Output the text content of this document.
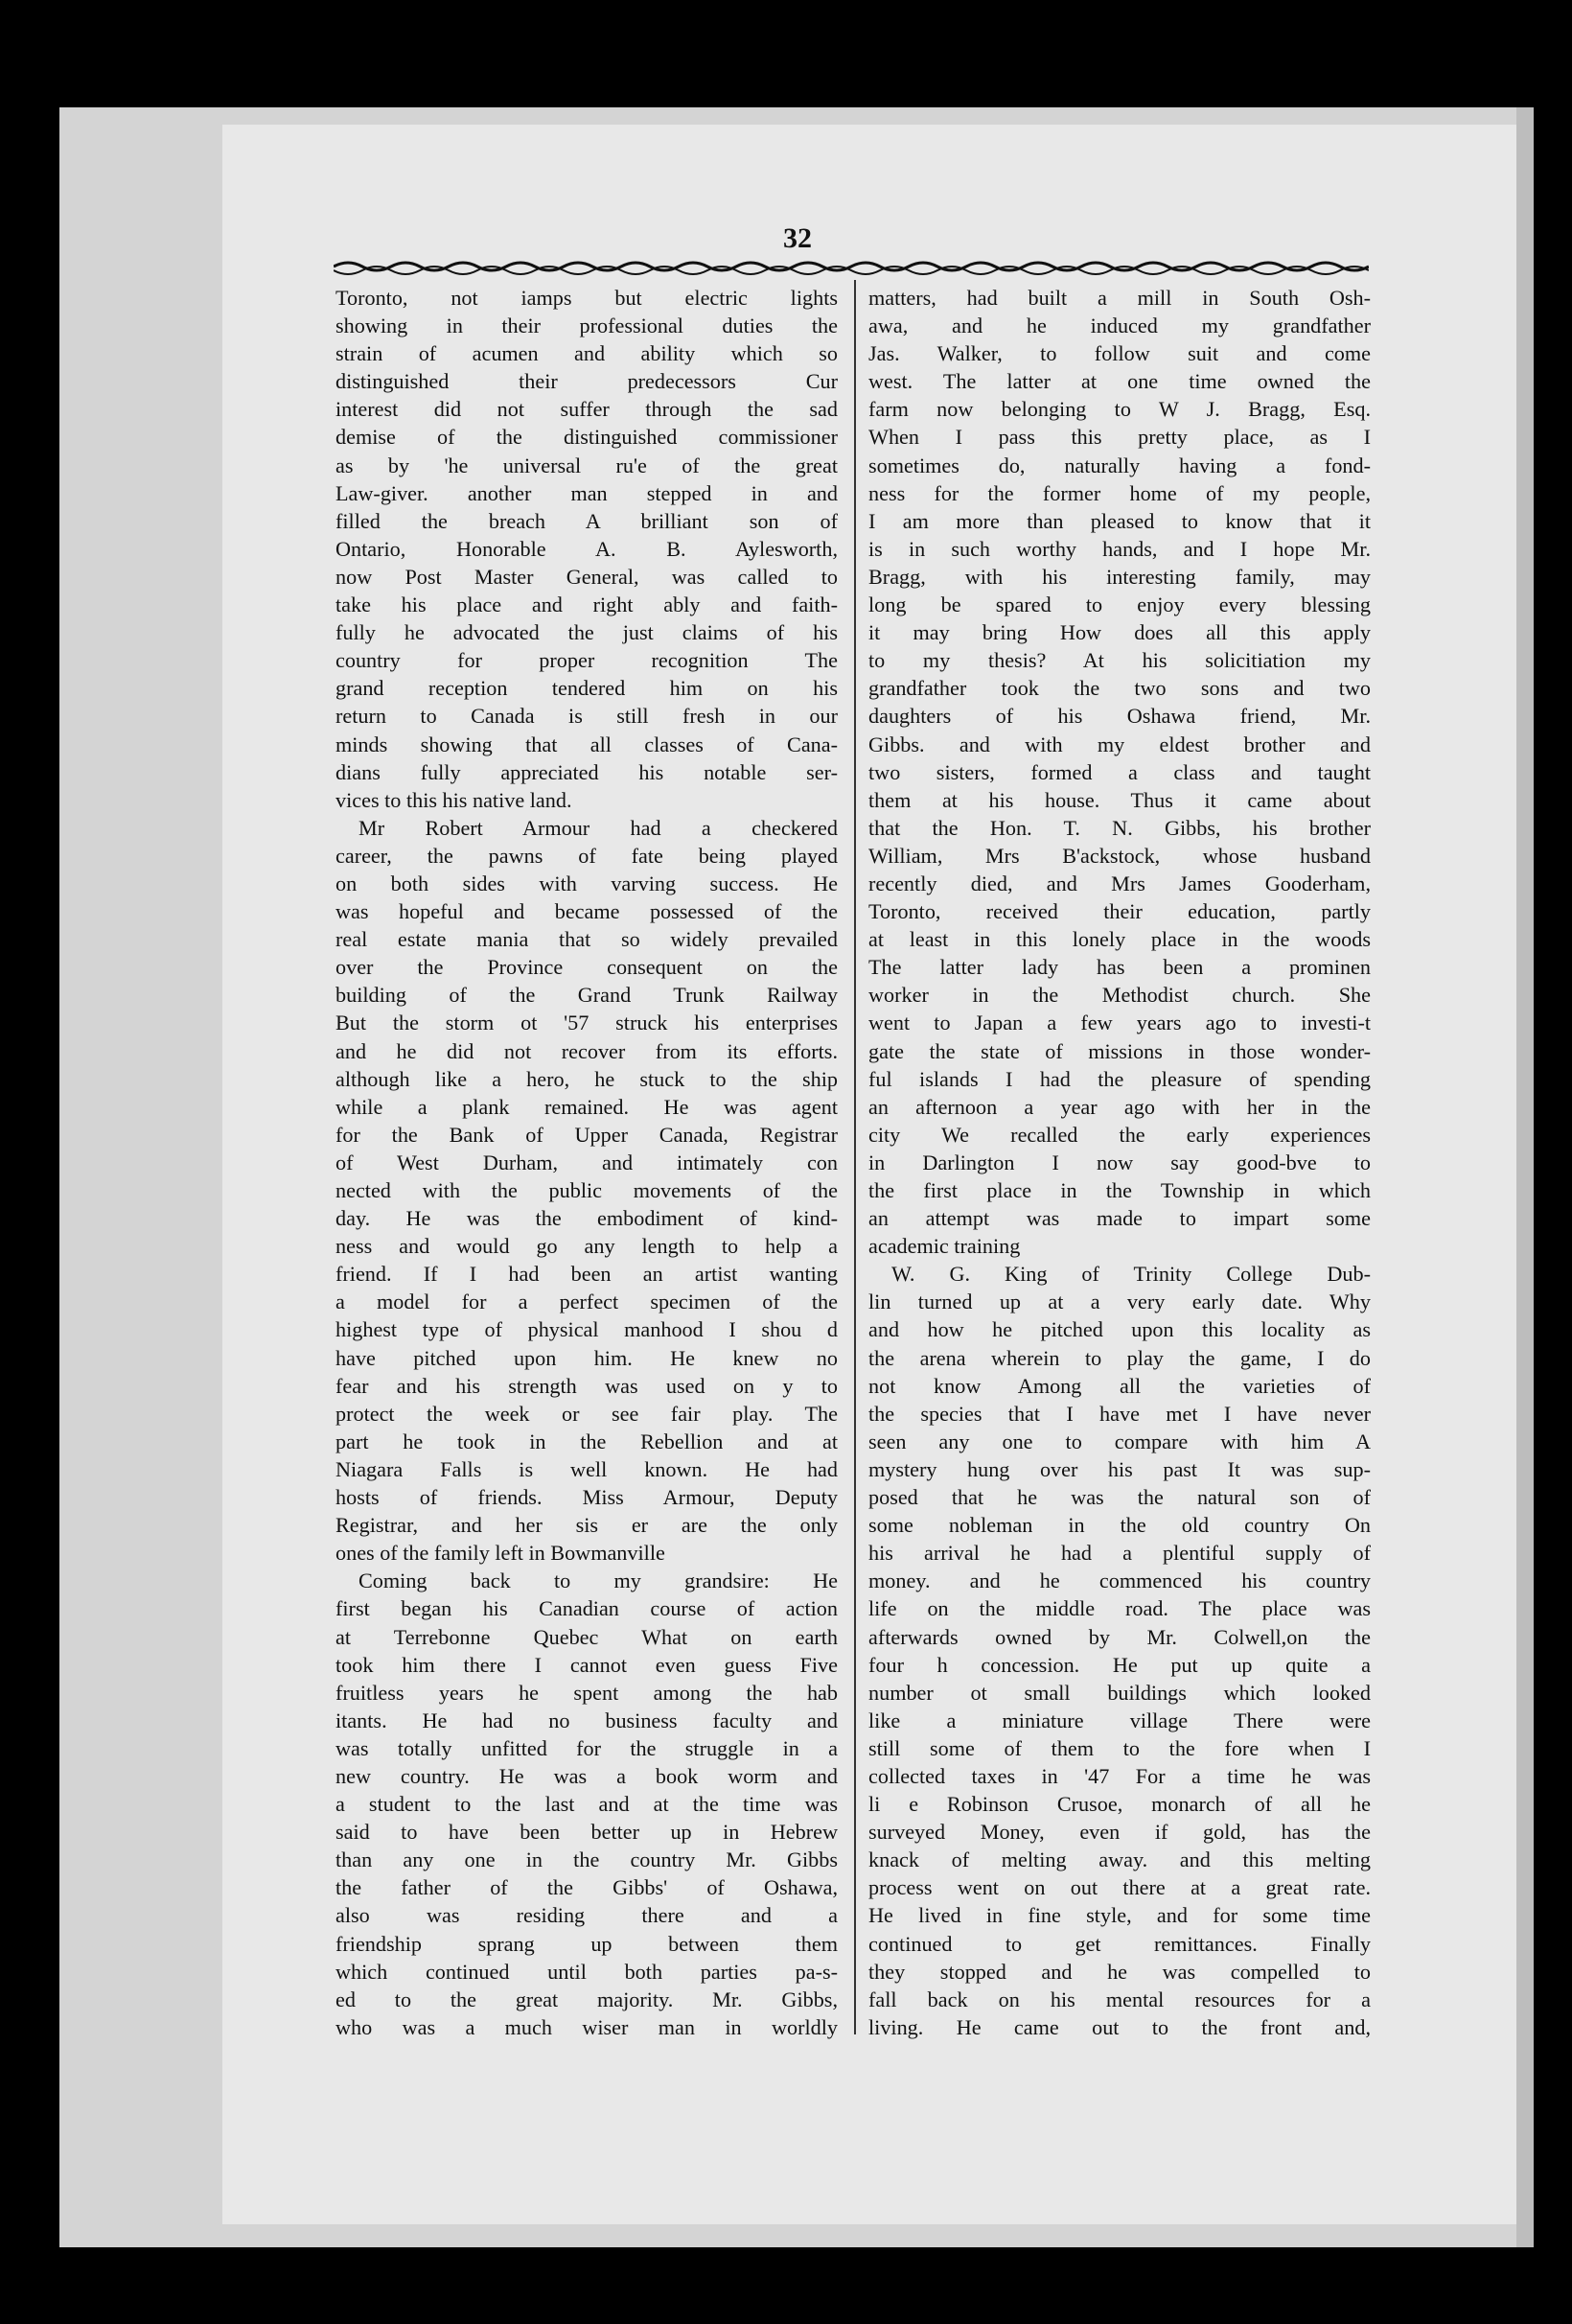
32
Toronto, not iamps but electric lights
showing in their professional duties the
strain of acumen and ability which so
distinguished their predecessors Cur
interest did not suffer through the sad
demise of the distinguished commissioner
as by 'he universal ru'e of the great
Law-giver. another man stepped in and
filled the breach A brilliant son of
Ontario, Honorable A. B. Aylesworth,
now Post Master General, was called to
take his place and right ably and faith-
fully he advocated the just claims of his
country for proper recognition The
grand reception tendered him on his
return to Canada is still fresh in our
minds showing that all classes of Cana-
dians fully appreciated his notable ser-
vices to this his native land.
Mr Robert Armour had a checkered
career, the pawns of fate being played
on both sides with varving success. He
was hopeful and became possessed of the
real estate mania that so widely prevailed
over the Province consequent on the
building of the Grand Trunk Railway
But the storm ot '57 struck his enterprises
and he did not recover from its efforts.
although like a hero, he stuck to the ship
while a plank remained. He was agent
for the Bank of Upper Canada, Registrar
of West Durham, and intimately con
nected with the public movements of the
day. He was the embodiment of kind-
ness and would go any length to help a
friend. If I had been an artist wanting
a model for a perfect specimen of the
highest type of physical manhood I shou d
have pitched upon him. He knew no
fear and his strength was used on y to
protect the week or see fair play. The
part he took in the Rebellion and at
Niagara Falls is well known. He had
hosts of friends. Miss Armour, Deputy
Registrar, and her sis er are the only
ones of the family left in Bowmanville
Coming back to my grandsire: He
first began his Canadian course of action
at Terrebonne Quebec What on earth
took him there I cannot even guess Five
fruitless years he spent among the hab
itants. He had no business faculty and
was totally unfitted for the struggle in a
new country. He was a book worm and
a student to the last and at the time was
said to have been better up in Hebrew
than any one in the country Mr. Gibbs
the father of the Gibbs' of Oshawa,
also was residing there and a
friendship sprang up between them
which continued until both parties pa-s-
ed to the great majority. Mr. Gibbs,
who was a much wiser man in worldly
matters, had built a mill in South Osh-
awa, and he induced my grandfather
Jas. Walker, to follow suit and come
west. The latter at one time owned the
farm now belonging to W J. Bragg, Esq.
When I pass this pretty place, as I
sometimes do, naturally having a fond-
ness for the former home of my people,
I am more than pleased to know that it
is in such worthy hands, and I hope Mr.
Bragg, with his interesting family, may
long be spared to enjoy every blessing
it may bring How does all this apply
to my thesis? At his solicitiation my
grandfather took the two sons and two
daughters of his Oshawa friend, Mr.
Gibbs. and with my eldest brother and
two sisters, formed a class and taught
them at his house. Thus it came about
that the Hon. T. N. Gibbs, his brother
William, Mrs B'ackstock, whose husband
recently died, and Mrs James Gooderham,
Toronto, received their education, partly
at least in this lonely place in the woods
The latter lady has been a prominen
worker in the Methodist church. She
went to Japan a few years ago to investi-t
gate the state of missions in those wonder-
ful islands I had the pleasure of spending
an afternoon a year ago with her in the
city We recalled the early experiences
in Darlington I now say good-bve to
the first place in the Township in which
an attempt was made to impart some
academic training
W. G. King of Trinity College Dub-
lin turned up at a very early date. Why
and how he pitched upon this locality as
the arena wherein to play the game, I do
not know Among all the varieties of
the species that I have met I have never
seen any one to compare with him A
mystery hung over his past It was sup-
posed that he was the natural son of
some nobleman in the old country On
his arrival he had a plentiful supply of
money. and he commenced his country
life on the middle road. The place was
afterwards owned by Mr. Colwell,on the
four h concession. He put up quite a
number ot small buildings which looked
like a miniature village There were
still some of them to the fore when I
collected taxes in '47 For a time he was
li e Robinson Crusoe, monarch of all he
surveyed Money, even if gold, has the
knack of melting away. and this melting
process went on out there at a great rate.
He lived in fine style, and for some time
continued to get remittances. Finally
they stopped and he was compelled to
fall back on his mental resources for a
living. He came out to the front and,
